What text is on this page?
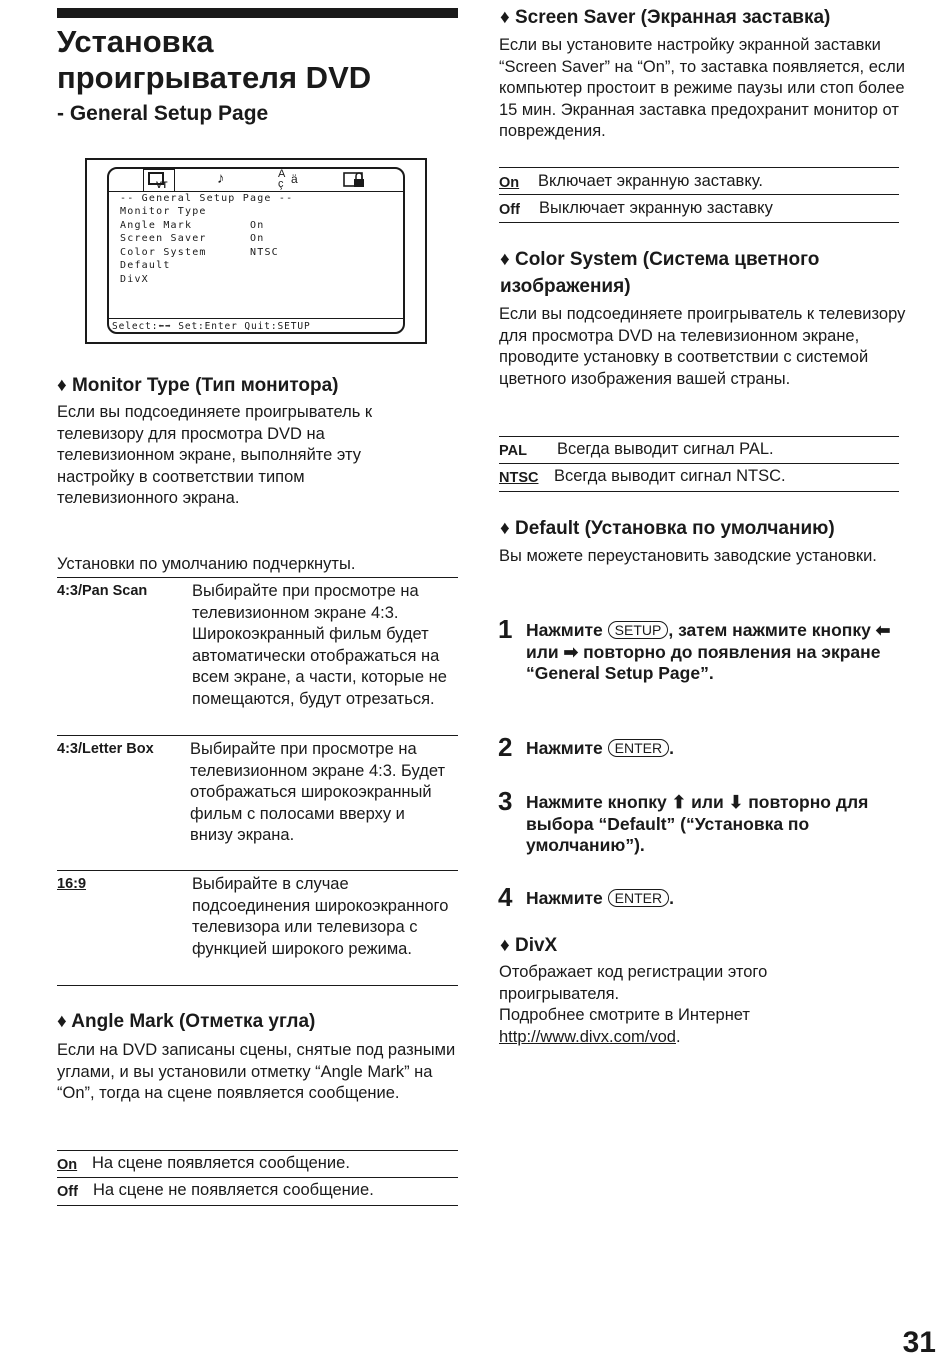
Установка
проигрывателя DVD
- General Setup Page
VT	♪	A
ç ä
-- General Setup Page --
Monitor Type
Angle Mark	On
Screen Saver	On
Color System	NTSC
Default
DivX
Select:⬅➡ Set:Enter Quit:SETUP
♦ Monitor Type (Тип монитора)
Если вы подсоединяете проигрыватель к телевизору для просмотра DVD на телевизионном экране, выполняйте эту настройку в соответствии типом телевизионного экрана.
Установки по умолчанию подчеркнуты.
4:3/Pan Scan	Выбирайте при просмотре на телевизионном экране 4:3. Широкоэкранный фильм будет автоматически отображаться на всем экране, а части, которые не помещаются, будут отрезаться.
4:3/Letter Box Выбирайте при просмотре на телевизионном экране 4:3. Будет отображаться широкоэкранный фильм с полосами вверху и внизу экрана.
16:9	Выбирайте в случае подсоединения широкоэкранного телевизора или телевизора с функцией широкого режима.
♦ Angle Mark (Отметка угла)
Если на DVD записаны сцены, снятые под разными углами, и вы установили отметку “Angle Mark” на “On”, тогда на сцене появляется сообщение.
On На сцене появляется сообщение.
Off На сцене не появляется сообщение.
♦ Screen Saver (Экранная заставка)
Если вы установите настройку экранной заставки “Screen Saver” на “On”, то заставка появляется, если компьютер простоит в режиме паузы или стоп более 15 мин. Экранная заставка предохранит монитор от повреждения.
On Включает экранную заставку.
Off Выключает экранную заставку
♦ Color System (Система цветного
изображения)
Если вы подсоединяете проигрыватель к телевизору для просмотра DVD на телевизионном экране, проводите установку в соответствии с системой цветного изображения вашей страны.
PAL Всегда выводит сигнал PAL.
NTSC Всегда выводит сигнал NTSC.
♦ Default (Установка по умолчанию)
Вы можете переустановить заводские установки.
1 Нажмите SETUP , затем нажмите кнопку ⬅ или ➡ повторно до появления на экране “General Setup Page”.
2 Нажмите ENTER .
3 Нажмите кнопку ⬆ или ⬇ повторно для выбора “Default” (“Установка по умолчанию”).
4 Нажмите ENTER .
♦ DivX
Отображает код регистрации этого проигрывателя.
Подробнее смотрите в Интернет
http://www.divx.com/vod.
31
